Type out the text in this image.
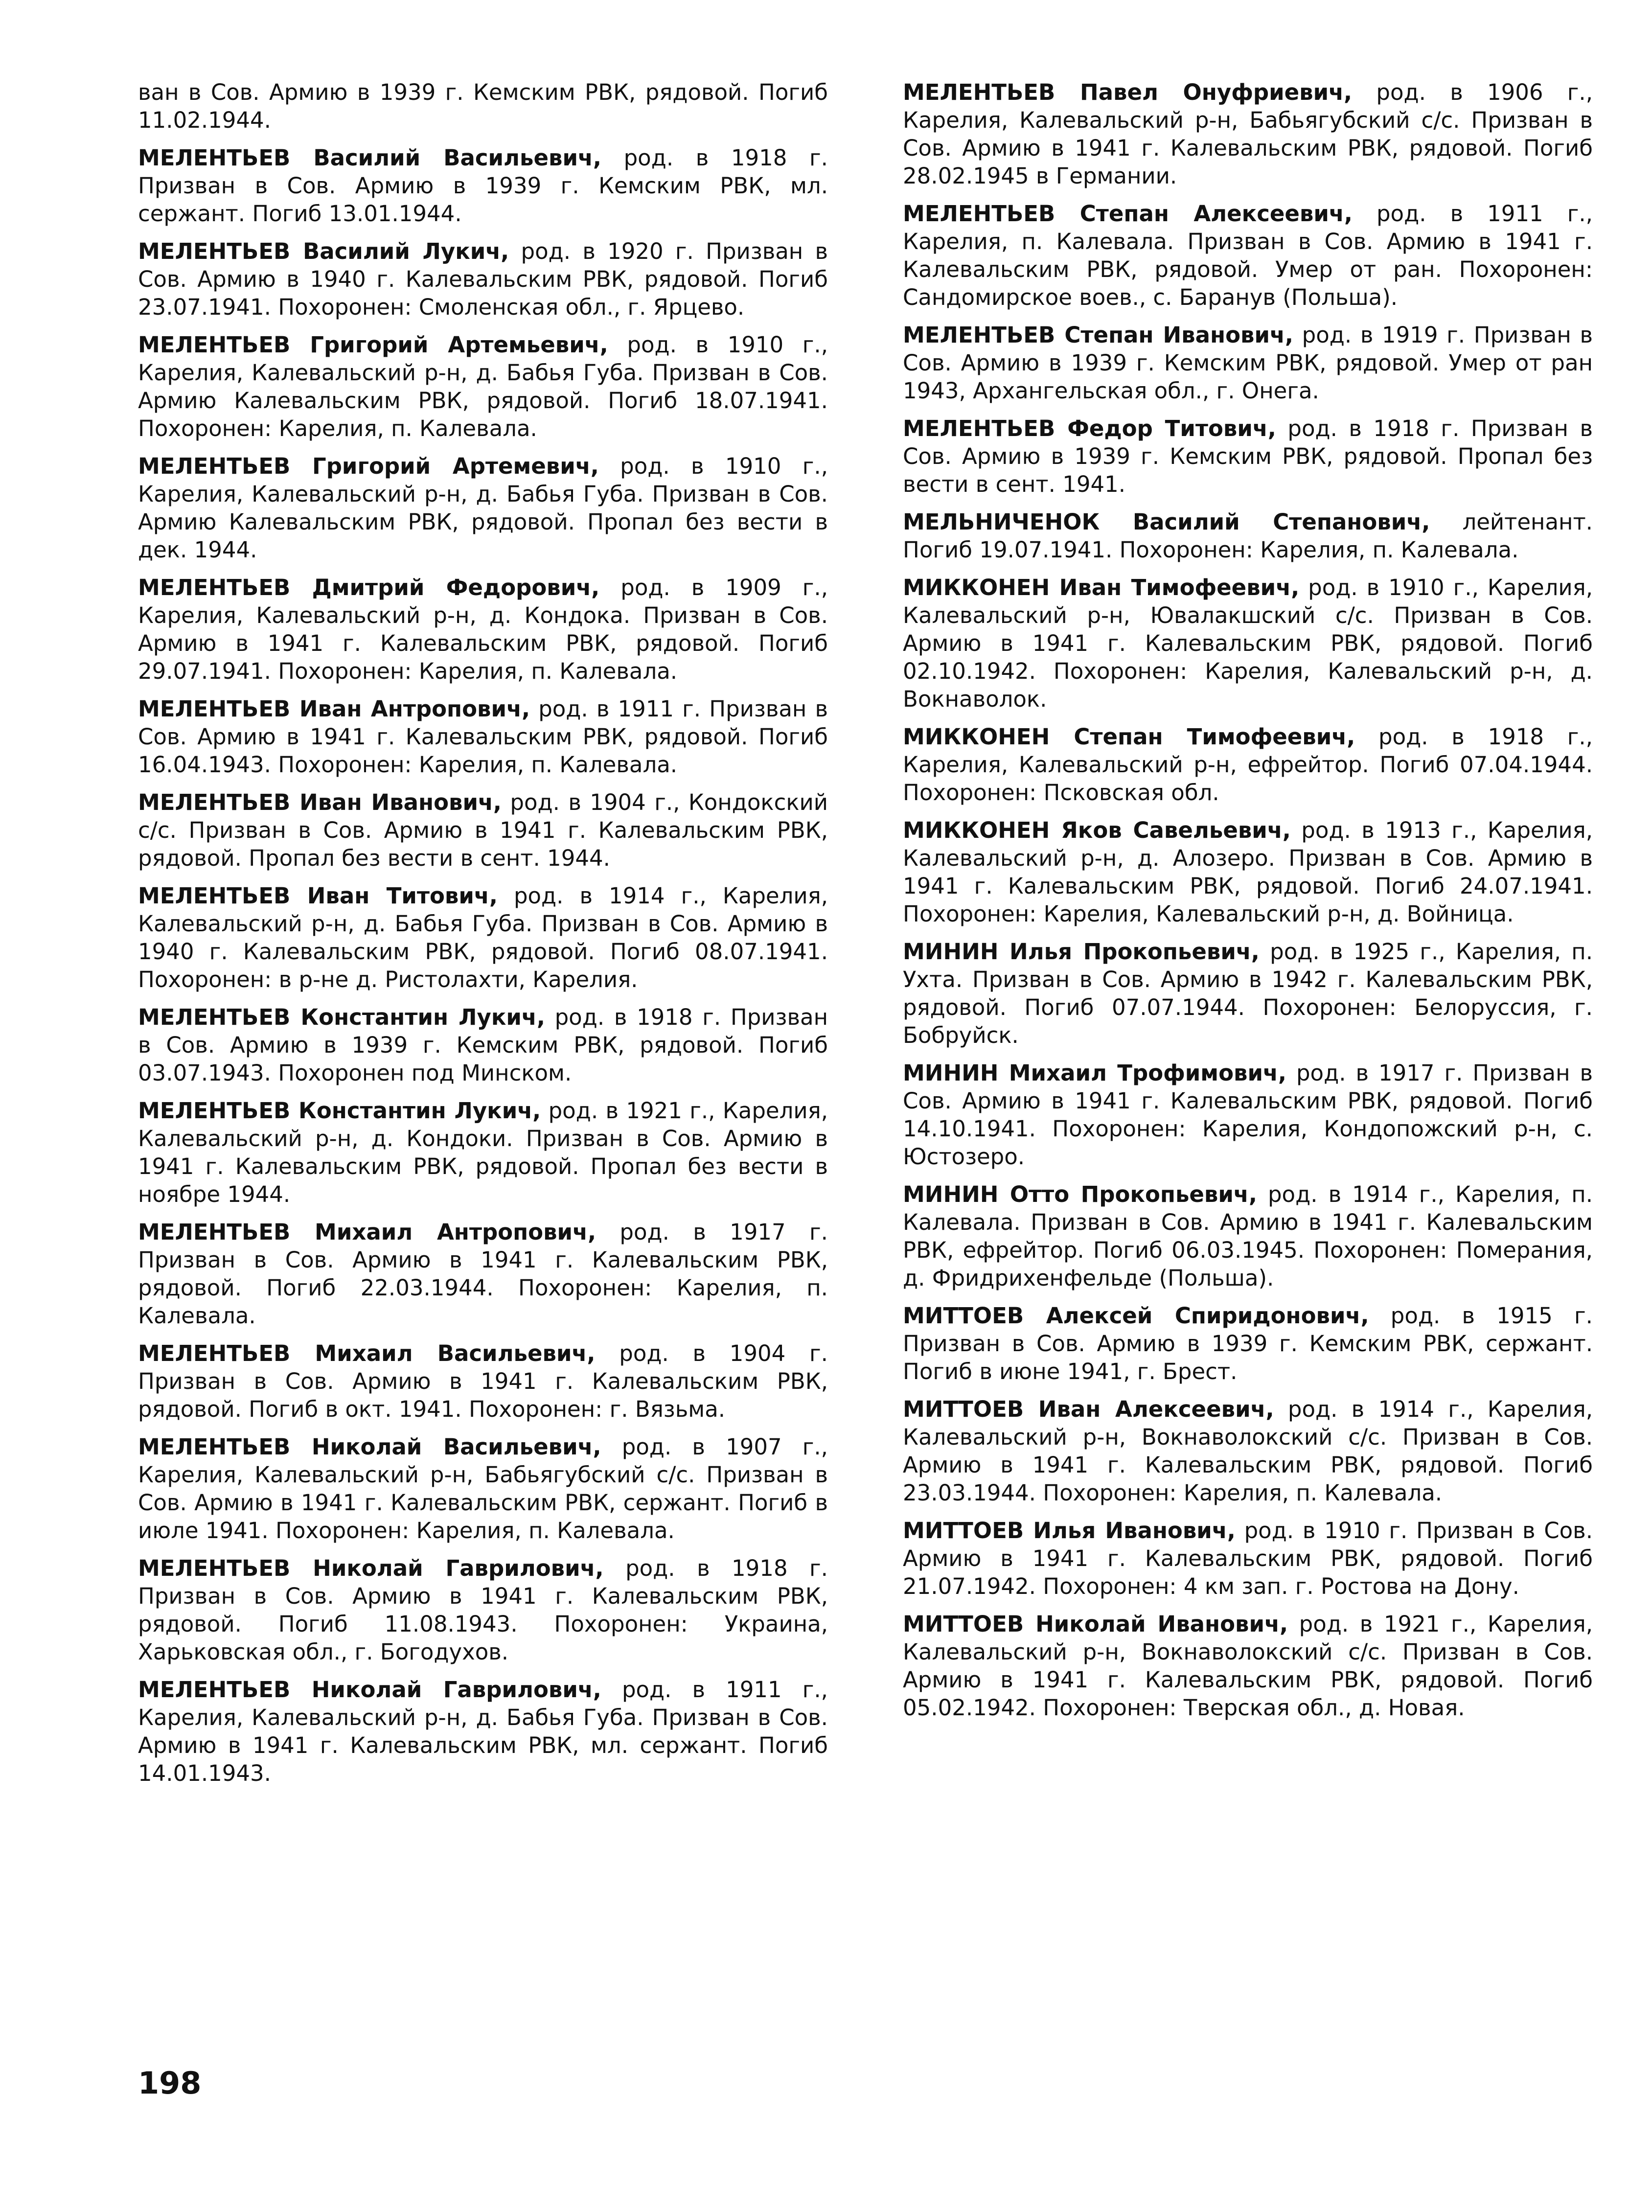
ван в Сов. Армию в 1939 г. Кемским РВК, рядовой. Погиб 11.02.1944.

МЕЛЕНТЬЕВ Василий Васильевич, род. в 1918 г. Призван в Сов. Армию в 1939 г. Кемским РВК, мл. сержант. Погиб 13.01.1944.

МЕЛЕНТЬЕВ Василий Лукич, род. в 1920 г. Призван в Сов. Армию в 1940 г. Калевальским РВК, рядовой. Погиб 23.07.1941. Похоронен: Смоленская обл., г. Ярцево.

МЕЛЕНТЬЕВ Григорий Артемьевич, род. в 1910 г., Карелия, Калевальский р-н, д. Бабья Губа. Призван в Сов. Армию Калевальским РВК, рядовой. Погиб 18.07.1941. Похоронен: Карелия, п. Калевала.

МЕЛЕНТЬЕВ Григорий Артемевич, род. в 1910 г., Карелия, Калевальский р-н, д. Бабья Губа. Призван в Сов. Армию Калевальским РВК, рядовой. Пропал без вести в дек. 1944.

МЕЛЕНТЬЕВ Дмитрий Федорович, род. в 1909 г., Карелия, Калевальский р-н, д. Кондока. Призван в Сов. Армию в 1941 г. Калевальским РВК, рядовой. Погиб 29.07.1941. Похоронен: Карелия, п. Калевала.

МЕЛЕНТЬЕВ Иван Антропович, род. в 1911 г. Призван в Сов. Армию в 1941 г. Калевальским РВК, рядовой. Погиб 16.04.1943. Похоронен: Карелия, п. Калевала.

МЕЛЕНТЬЕВ Иван Иванович, род. в 1904 г., Кондокский с/с. Призван в Сов. Армию в 1941 г. Калевальским РВК, рядовой. Пропал без вести в сент. 1944.

МЕЛЕНТЬЕВ Иван Титович, род. в 1914 г., Карелия, Калевальский р-н, д. Бабья Губа. Призван в Сов. Армию в 1940 г. Калевальским РВК, рядовой. Погиб 08.07.1941. Похоронен: в р-не д. Ристолахти, Карелия.

МЕЛЕНТЬЕВ Константин Лукич, род. в 1918 г. Призван в Сов. Армию в 1939 г. Кемским РВК, рядовой. Погиб 03.07.1943. Похоронен под Минском.

МЕЛЕНТЬЕВ Константин Лукич, род. в 1921 г., Карелия, Калевальский р-н, д. Кондоки. Призван в Сов. Армию в 1941 г. Калевальским РВК, рядовой. Пропал без вести в ноябре 1944.

МЕЛЕНТЬЕВ Михаил Антропович, род. в 1917 г. Призван в Сов. Армию в 1941 г. Калевальским РВК, рядовой. Погиб 22.03.1944. Похоронен: Карелия, п. Калевала.

МЕЛЕНТЬЕВ Михаил Васильевич, род. в 1904 г. Призван в Сов. Армию в 1941 г. Калевальским РВК, рядовой. Погиб в окт. 1941. Похоронен: г. Вязьма.

МЕЛЕНТЬЕВ Николай Васильевич, род. в 1907 г., Карелия, Калевальский р-н, Бабьягубский с/с. Призван в Сов. Армию в 1941 г. Калевальским РВК, сержант. Погиб в июле 1941. Похоронен: Карелия, п. Калевала.

МЕЛЕНТЬЕВ Николай Гаврилович, род. в 1918 г. Призван в Сов. Армию в 1941 г. Калевальским РВК, рядовой. Погиб 11.08.1943. Похоронен: Украина, Харьковская обл., г. Богодухов.

МЕЛЕНТЬЕВ Николай Гаврилович, род. в 1911 г., Карелия, Калевальский р-н, д. Бабья Губа. Призван в Сов. Армию в 1941 г. Калевальским РВК, мл. сержант. Погиб 14.01.1943.

МЕЛЕНТЬЕВ Павел Онуфриевич, род. в 1906 г., Карелия, Калевальский р-н, Бабьягубский с/с. Призван в Сов. Армию в 1941 г. Калевальским РВК, рядовой. Погиб 28.02.1945 в Германии.

МЕЛЕНТЬЕВ Степан Алексеевич, род. в 1911 г., Карелия, п. Калевала. Призван в Сов. Армию в 1941 г. Калевальским РВК, рядовой. Умер от ран. Похоронен: Сандомирское воев., с. Баранув (Польша).

МЕЛЕНТЬЕВ Степан Иванович, род. в 1919 г. Призван в Сов. Армию в 1939 г. Кемским РВК, рядовой. Умер от ран 1943, Архангельская обл., г. Онега.

МЕЛЕНТЬЕВ Федор Титович, род. в 1918 г. Призван в Сов. Армию в 1939 г. Кемским РВК, рядовой. Пропал без вести в сент. 1941.

МЕЛЬНИЧЕНОК Василий Степанович, лейтенант. Погиб 19.07.1941. Похоронен: Карелия, п. Калевала.

МИККОНЕН Иван Тимофеевич, род. в 1910 г., Карелия, Калевальский р-н, Ювалакшский с/с. Призван в Сов. Армию в 1941 г. Калевальским РВК, рядовой. Погиб 02.10.1942. Похоронен: Карелия, Калевальский р-н, д. Вокнаволок.

МИККОНЕН Степан Тимофеевич, род. в 1918 г., Карелия, Калевальский р-н, ефрейтор. Погиб 07.04.1944. Похоронен: Псковская обл.

МИККОНЕН Яков Савельевич, род. в 1913 г., Карелия, Калевальский р-н, д. Алозеро. Призван в Сов. Армию в 1941 г. Калевальским РВК, рядовой. Погиб 24.07.1941. Похоронен: Карелия, Калевальский р-н, д. Войница.

МИНИН Илья Прокопьевич, род. в 1925 г., Карелия, п. Ухта. Призван в Сов. Армию в 1942 г. Калевальским РВК, рядовой. Погиб 07.07.1944. Похоронен: Белоруссия, г. Бобруйск.

МИНИН Михаил Трофимович, род. в 1917 г. Призван в Сов. Армию в 1941 г. Калевальским РВК, рядовой. Погиб 14.10.1941. Похоронен: Карелия, Кондопожский р-н, с. Юстозеро.

МИНИН Отто Прокопьевич, род. в 1914 г., Карелия, п. Калевала. Призван в Сов. Армию в 1941 г. Калевальским РВК, ефрейтор. Погиб 06.03.1945. Похоронен: Померания, д. Фридрихенфельде (Польша).

МИТТОЕВ Алексей Спиридонович, род. в 1915 г. Призван в Сов. Армию в 1939 г. Кемским РВК, сержант. Погиб в июне 1941, г. Брест.

МИТТОЕВ Иван Алексеевич, род. в 1914 г., Карелия, Калевальский р-н, Вокнаволокский с/с. Призван в Сов. Армию в 1941 г. Калевальским РВК, рядовой. Погиб 23.03.1944. Похоронен: Карелия, п. Калевала.

МИТТОЕВ Илья Иванович, род. в 1910 г. Призван в Сов. Армию в 1941 г. Калевальским РВК, рядовой. Погиб 21.07.1942. Похоронен: 4 км зап. г. Ростова на Дону.

МИТТОЕВ Николай Иванович, род. в 1921 г., Карелия, Калевальский р-н, Вокнаволокский с/с. Призван в Сов. Армию в 1941 г. Калевальским РВК, рядовой. Погиб 05.02.1942. Похоронен: Тверская обл., д. Новая.

198
